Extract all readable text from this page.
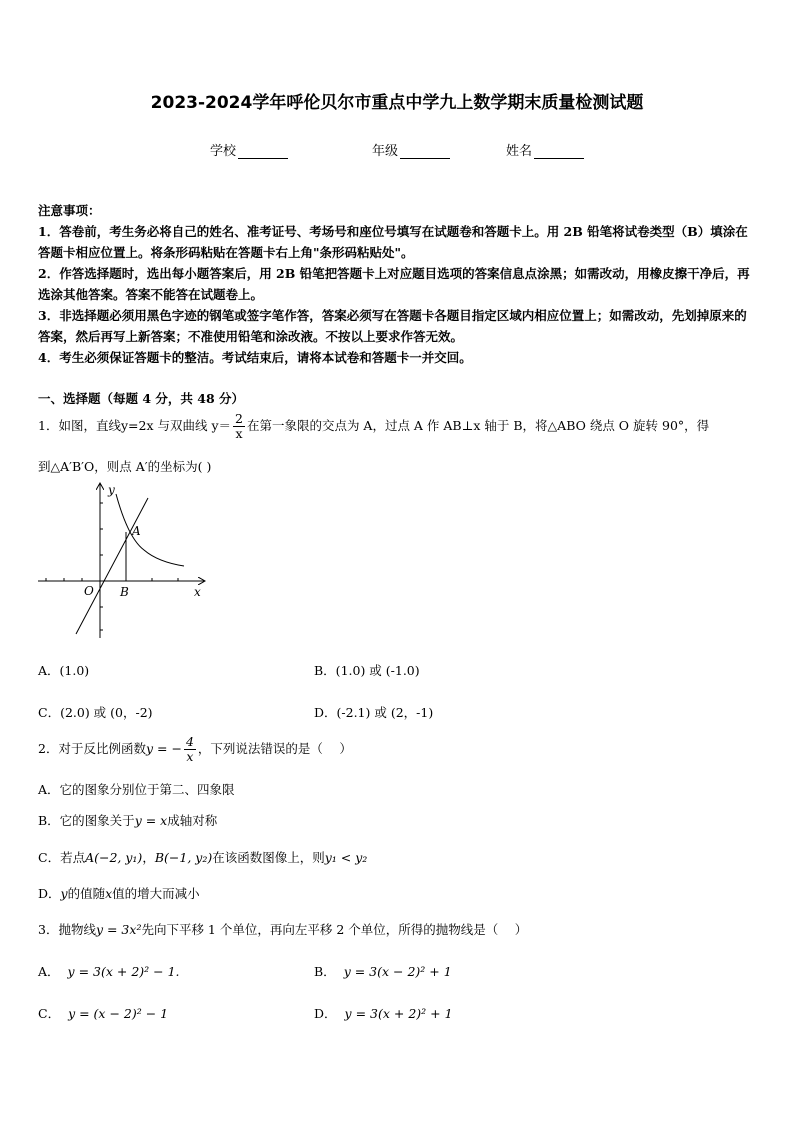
2023-2024学年呼伦贝尔市重点中学九上数学期末质量检测试题
学校	年级	姓名
注意事项：
1．答卷前，考生务必将自己的姓名、准考证号、考场号和座位号填写在试题卷和答题卡上。用 2B 铅笔将试卷类型（B）填涂在答题卡相应位置上。将条形码粘贴在答题卡右上角"条形码粘贴处"。
2．作答选择题时，选出每小题答案后，用 2B 铅笔把答题卡上对应题目选项的答案信息点涂黑；如需改动，用橡皮擦干净后，再选涂其他答案。答案不能答在试题卷上。
3．非选择题必须用黑色字迹的钢笔或签字笔作答，答案必须写在答题卡各题目指定区域内相应位置上；如需改动，先划掉原来的答案，然后再写上新答案；不准使用铅笔和涂改液。不按以上要求作答无效。
4．考生必须保证答题卡的整洁。考试结束后，请将本试卷和答题卡一并交回。
一、选择题（每题 4 分，共 48 分）
1．如图，直线y=2x 与双曲线 $y= \frac{2}{x}$ 在第一象限的交点为 A，过点 A 作 AB⊥x 轴于 B，将△ABO 绕点 O 旋转 90°，得
到△A′B′O，则点 A′的坐标为( )
y
x
O
A
B
A．(1.0)	B．(1.0) 或 (-1.0)
C．(2.0) 或 (0，-2)	D．(-2.1) 或 (2，-1)
2．对于反比例函数y = − $\frac{4}{x}$ ，下列说法错误的是（　 ）
A．它的图象分别位于第二、四象限
B．它的图象关于y = x成轴对称
C．若点A(−2, y₁)，B(−1, y₂)在该函数图像上，则y₁ < y₂
D．y的值随x值的增大而减小
3．抛物线y = 3x²先向下平移 1 个单位，再向左平移 2 个单位，所得的抛物线是（　 ）
A． y = 3(x + 2)² − 1.	B． y = 3(x − 2)² + 1
C． y = (x − 2)² − 1	D． y = 3(x + 2)² + 1
